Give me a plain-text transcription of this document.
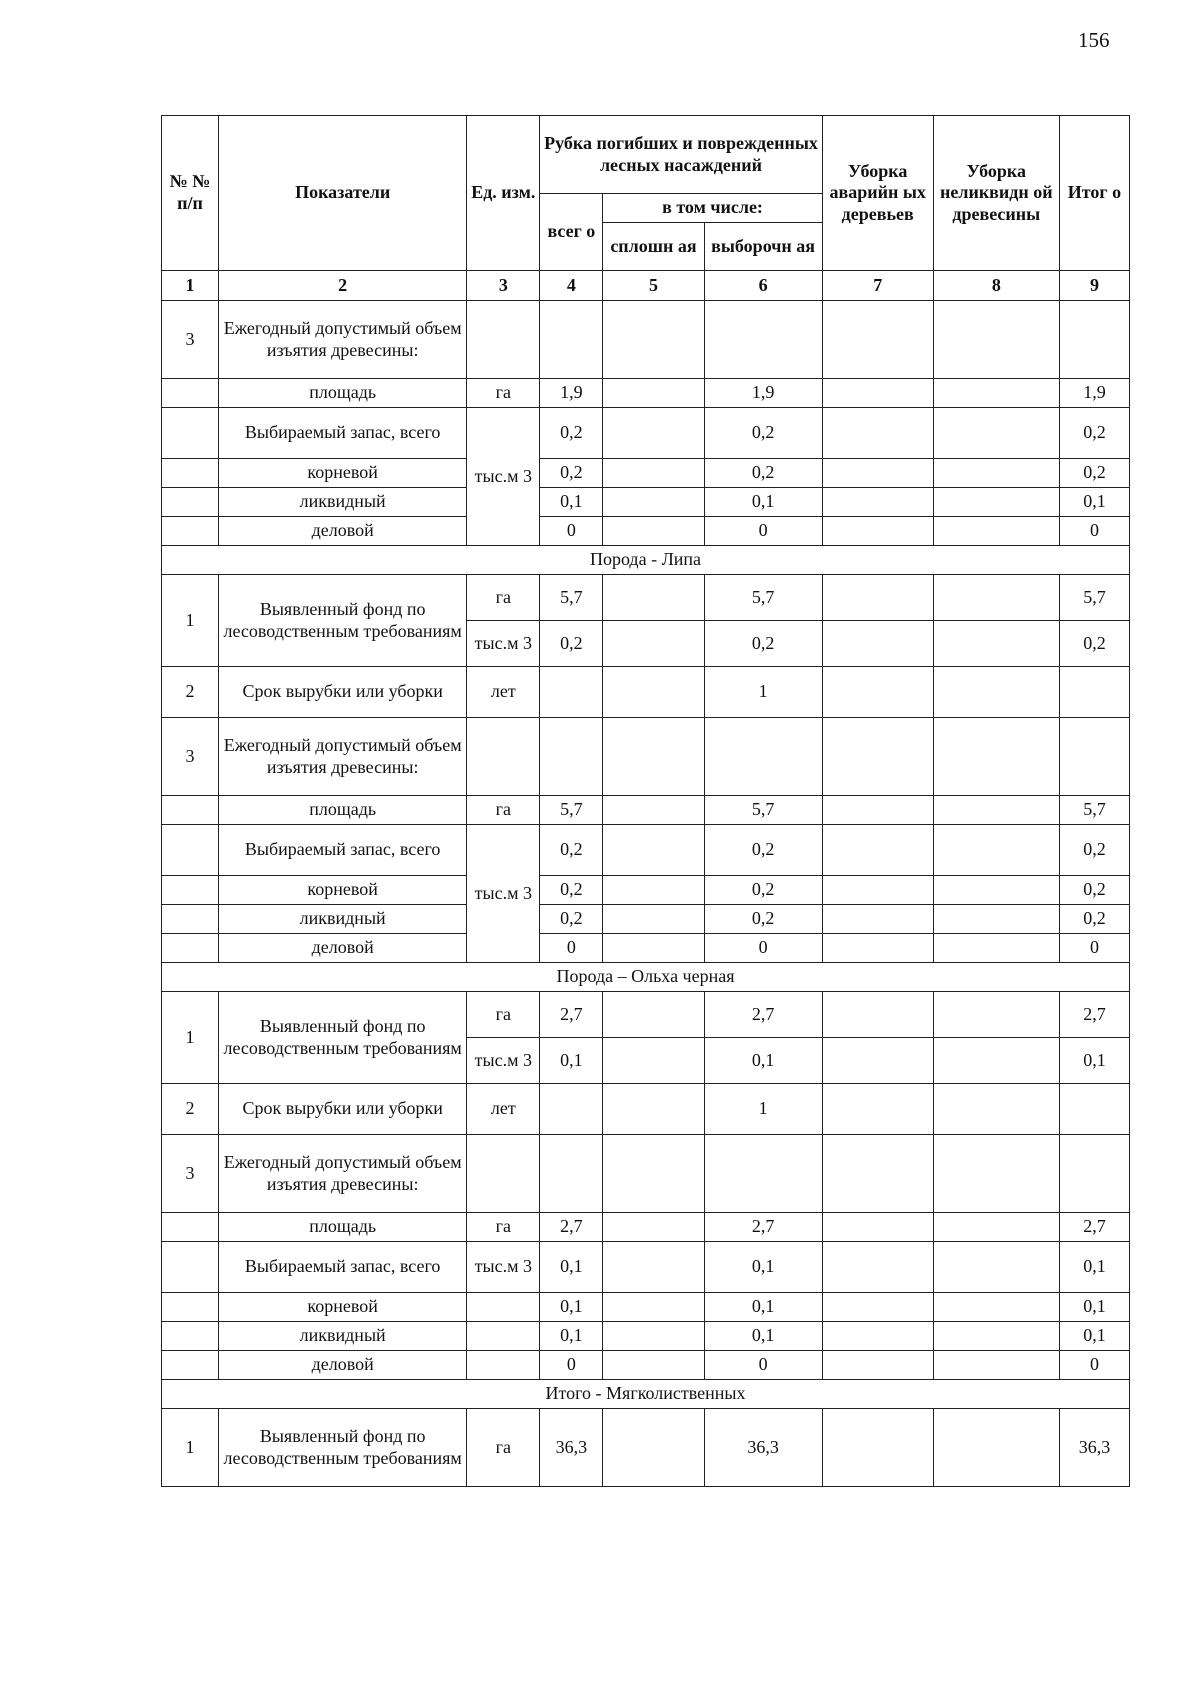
156
№ № п/п	Показатели	Ед. изм.	Рубка погибших и поврежденных лесных насаждений			Уборка аварийн ых деревьев	Уборка неликвидн ой древесины	Итог о
			всег о	в том числе:				
				сплошн ая	выборочн ая			
1	2	3	4	5	6	7	8	9
3	Ежегодный допустимый объем изъятия древесины:							
	площадь	га	1,9		1,9			1,9
	Выбираемый запас, всего	тыс.м 3	0,2		0,2			0,2
	корневой		0,2		0,2			0,2
	ликвидный		0,1		0,1			0,1
	деловой		0		0			0
Порода - Липа								
1	Выявленный фонд по лесоводственным требованиям	га	5,7		5,7			5,7
		тыс.м 3	0,2		0,2			0,2
2	Срок вырубки или уборки	лет			1			
3	Ежегодный допустимый объем изъятия древесины:							
	площадь	га	5,7		5,7			5,7
	Выбираемый запас, всего	тыс.м 3	0,2		0,2			0,2
	корневой		0,2		0,2			0,2
	ликвидный		0,2		0,2			0,2
	деловой		0		0			0
Порода – Ольха черная								
1	Выявленный фонд по лесоводственным требованиям	га	2,7		2,7			2,7
		тыс.м 3	0,1		0,1			0,1
2	Срок вырубки или уборки	лет			1			
3	Ежегодный допустимый объем изъятия древесины:							
	площадь	га	2,7		2,7			2,7
	Выбираемый запас, всего	тыс.м 3	0,1		0,1			0,1
	корневой		0,1		0,1			0,1
	ликвидный		0,1		0,1			0,1
	деловой		0		0			0
Итого - Мягколиственных								
1	Выявленный фонд по лесоводственным требованиям	га	36,3		36,3			36,3
